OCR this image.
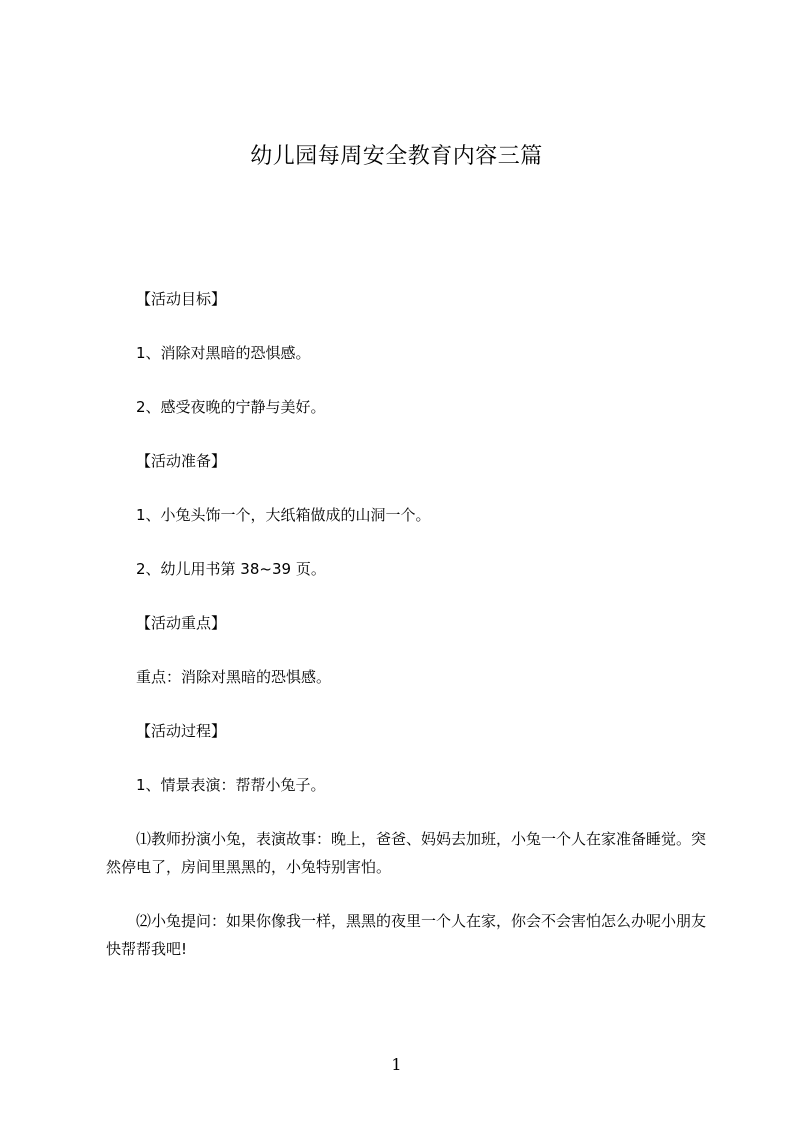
幼儿园每周安全教育内容三篇

【活动目标】

1、消除对黑暗的恐惧感。

2、感受夜晚的宁静与美好。

【活动准备】

1、小兔头饰一个，大纸箱做成的山洞一个。

2、幼儿用书第 38~39 页。

【活动重点】

重点：消除对黑暗的恐惧感。

【活动过程】

1、情景表演：帮帮小兔子。

⑴教师扮演小兔，表演故事：晚上，爸爸、妈妈去加班，小兔一个人在家准备睡觉。突然停电了，房间里黑黑的，小兔特别害怕。

⑵小兔提问：如果你像我一样，黑黑的夜里一个人在家，你会不会害怕怎么办呢小朋友快帮帮我吧!

1
